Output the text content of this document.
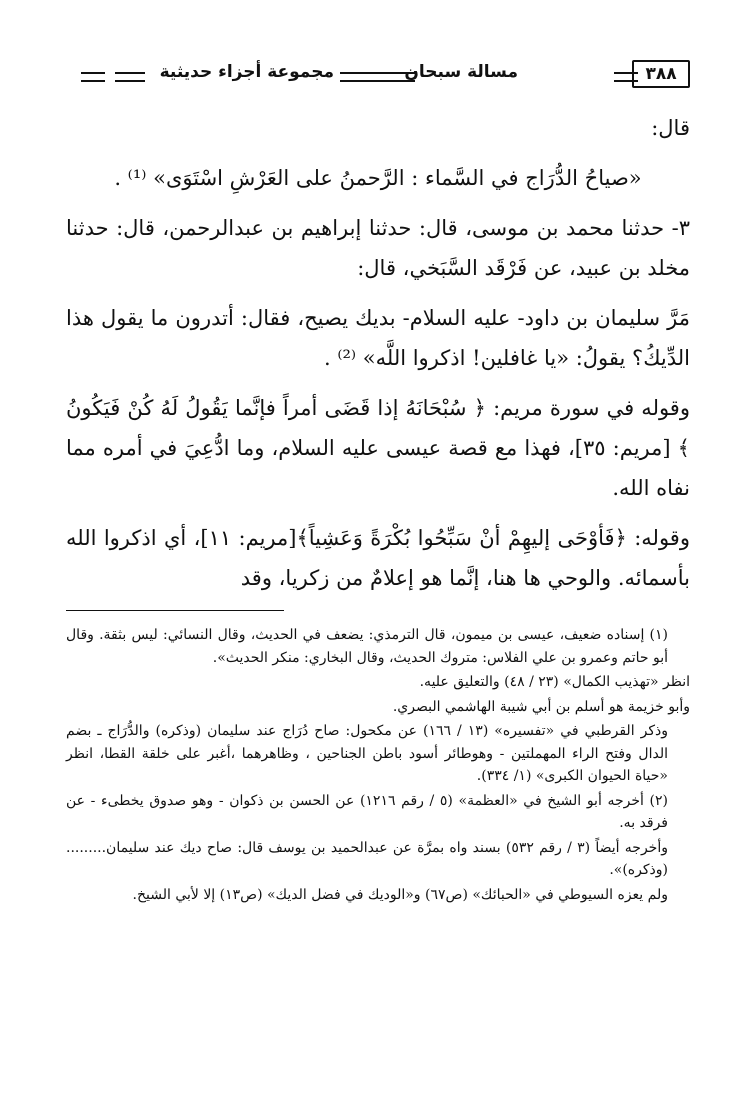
٣٨٨
مسالة سبحان
مجموعة أجزاء حديثية

قال:

«صياحُ الدُّرَاج في السَّماء : الرَّحمنُ على العَرْشِ اسْتَوَى» ⁽¹⁾ .

٣- حدثنا محمد بن موسى، قال: حدثنا إبراهيم بن عبدالرحمن، قال: حدثنا مخلد بن عبيد، عن فَرْقَد السَّبَخي، قال:

مَرَّ سليمان بن داود- عليه السلام- بديك يصيح، فقال: أتدرون ما يقول هذا الدِّيكُ؟ يقولُ: «يا غافلين! اذكروا اللَّه» ⁽²⁾ .

وقوله في سورة مريم: ﴿ سُبْحَانَهُ إذا قَضَى أمراً فإنَّما يَقُولُ لَهُ كُنْ فَيَكُونُ ﴾ [مريم: ٣٥]، فهذا مع قصة عيسى عليه السلام، وما ادُّعِيَ في أمره مما نفاه الله.

وقوله: ﴿فَأوْحَى إليهِمْ أنْ سَبِّحُوا بُكْرَةً وَعَشِياً﴾[مريم: ١١]، أي اذكروا الله بأسمائه. والوحي ها هنا، إنَّما هو إعلامٌ من زكريا، وقد

(١) إسناده ضعيف، عيسى بن ميمون، قال الترمذي: يضعف في الحديث، وقال النسائي: ليس بثقة. وقال أبو حاتم وعمرو بن علي الفلاس: متروك الحديث، وقال البخاري: منكر الحديث».

انظر «تهذيب الكمال» (٢٣ / ٤٨) والتعليق عليه.

وأبو خزيمة هو أسلم بن أبي شيبة الهاشمي البصري.

وذكر القرطبي في «تفسيره» (١٣ / ١٦٦) عن مكحول: صاح دُرَاج عند سليمان (وذكره) والدُّرَاج ـ بضم الدال وفتح الراء المهملتين - وهوطائر أسود باطن الجناحين ، وظاهرهما ،أغبر على خلقة القطا، انظر «حياة الحيوان الكبرى» (١/ ٣٣٤).

(٢) أخرجه أبو الشيخ في «العظمة» (٥ / رقم ١٢١٦) عن الحسن بن ذكوان - وهو صدوق يخطىء - عن فرقد به.

وأخرجه أيضاً (٣ / رقم ٥٣٢) بسند واه بمرَّة عن عبدالحميد بن يوسف قال: صاح ديك عند سليمان.........(وذكره)».

ولم يعزه السيوطي في «الحبائك» (ص٦٧) و«الوديك في فضل الديك» (ص١٣) إلا لأبي الشيخ.
